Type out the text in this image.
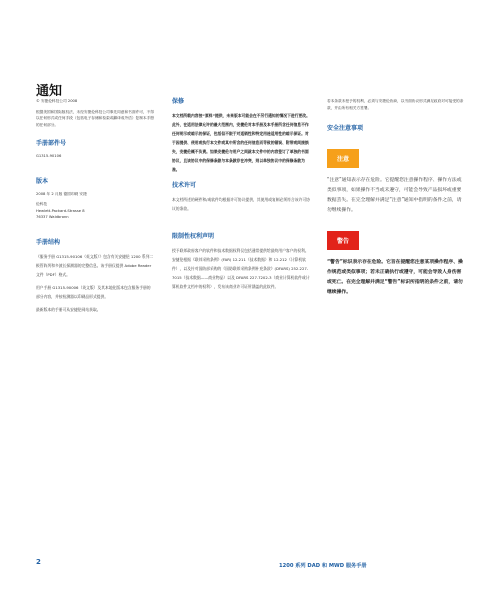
通知

© 安捷伦科技公司 2008

根据美国和国际版权法，未经安捷伦科技公司事先同意和书面许可，不得以任何形式或任何手段（包括电子存储和检索或翻译成外语）复制本手册的任何部分。

手册部件号

G1315-90106

版本

2008 年 2 月版 德国印刷 安捷

伦科技

Hewlett-Packard-Strasse 8

76337 Waldbronn

手册结构

《服务手册 G1315-90106（英文版）》包含有关安捷伦 1200 系列二极管阵列和多波长探测器的完整信息。该手册仅提供 Adobe Reader 文件（PDF）格式。

用户手册 G1315-90006（英文版）及其本地化版本包含服务手册的部分内容，并按检测器以印刷品形式提供。

最新版本的手册可从安捷伦网站获取。

保修

本文档所载内容按“原样”提供，未来版本可能会在不另行通知的情况下进行更改。此外，在适用法律允许的最大范围内，安捷伦对本手册及本手册所含任何信息不作任何明示或暗示的保证，包括但不限于对适销性和特定用途适用性的暗示保证。对于因提供、使用或执行本文件或其中所含的任何信息而导致的错误、附带或间接损失，安捷伦概不负责。如果安捷伦与用户之间就本文件中的内容签订了单独的书面协议，且该协议中的保修条款与本条款存在冲突，则以单独协议中的保修条款为准。

技术许可

本文档所述的硬件和/或软件均根据许可协议提供，其使用或复制必须符合该许可协议的条款。

限制性权利声明

授予联邦政府客户的软件和技术数据权利仅包括通常提供给最终用户客户的权利。安捷伦根据《联邦采购条例》(FAR) 12.211（技术数据）和 12.212（计算机软件），以及针对国防部采购的《国防联邦采购条例补充条款》(DFARS) 252.227-7015（技术数据——商业物品）以及 DFARS 227.7202-3（商业计算机软件或计算机软件文档中的权利），发布该商业许可证所涵盖的此软件。

若本条款未授予的权利，必须与安捷伦协商，以书面协议形式满足政府对可接受的条款，并由所有相关方签署。

安全注意事项
注意

“注意”通知表示存在危险。它提醒您注意操作程序、操作方法或类似事项，如果操作不当或未遵守，可能会导致产品损坏或重要数据丢失。在完全理解并满足“注意”通知中指明的条件之前，请勿继续操作。

警告

“警告”标识表示存在危险。它旨在提醒您注意某项操作程序、操作规范或类似事项；若未正确执行或遵守，可能会导致人身伤害或死亡。在完全理解并满足“警告”标识所指明的条件之前，请勿继续操作。

2	1200 系列 DAD 和 MWD 服务手册
